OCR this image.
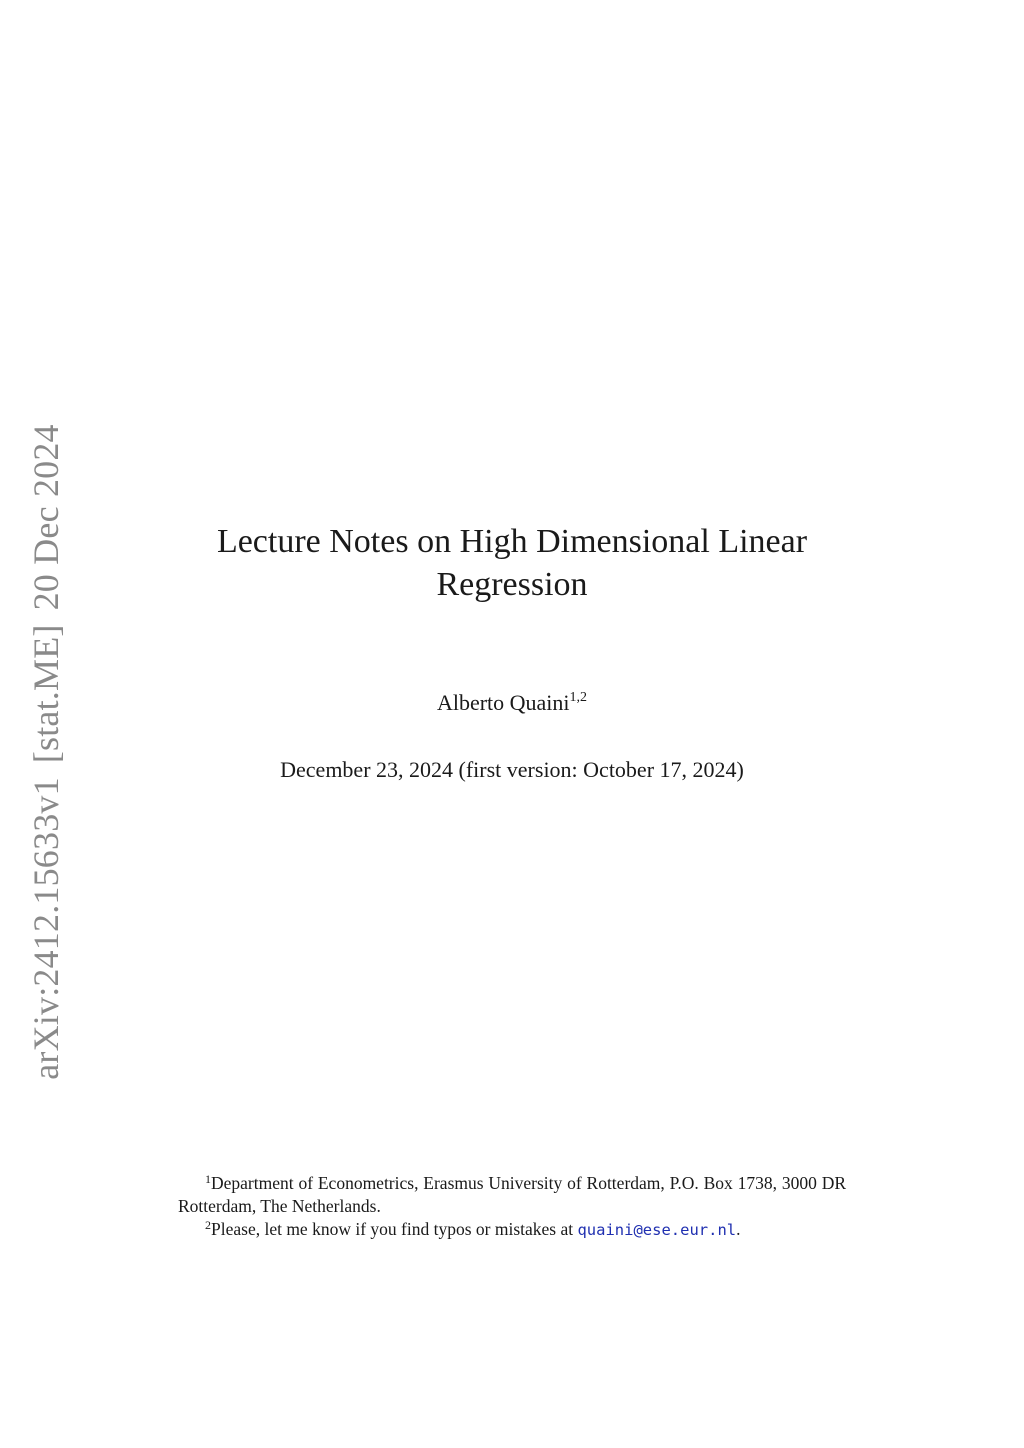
arXiv:2412.15633v1[stat.ME]20 Dec 2024	Lecture Notes on High Dimensional Linear
Regression
Alberto Quaini$^{1,2}$
December 23, 2024 (first version: October 17, 2024)

$^1$Department of Econometrics, Erasmus University of Rotterdam, P.O. Box 1738, 3000 DR Rotterdam, The Netherlands.

$^2$Please, let me know if you find typos or mistakes at quaini@ese.eur.nl.
